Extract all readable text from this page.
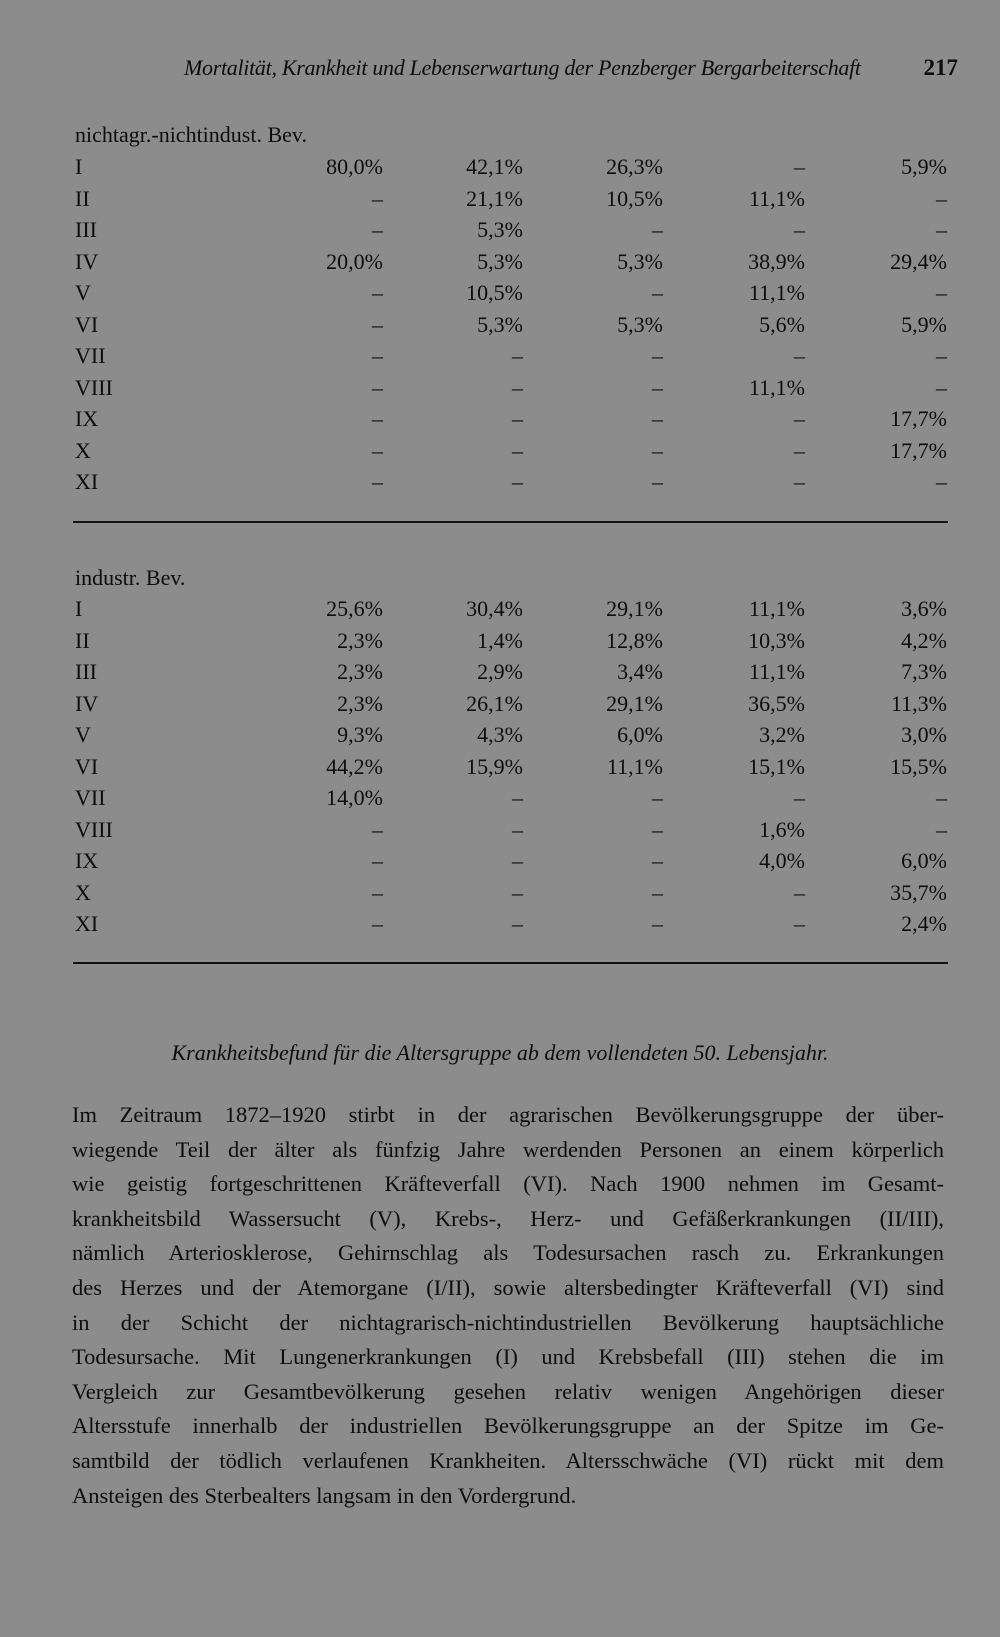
Mortalität, Krankheit und Lebenserwartung der Penzberger Bergarbeiterschaft	217
nichtagr.-nichtindust. Bev.
I	80,0%	42,1%	26,3%	–	5,9%
II	–	21,1%	10,5%	11,1%	–
III	–	5,3%	–	–	–
IV	20,0%	5,3%	5,3%	38,9%	29,4%
V	–	10,5%	–	11,1%	–
VI	–	5,3%	5,3%	5,6%	5,9%
VII	–	–	–	–	–
VIII	–	–	–	11,1%	–
IX	–	–	–	–	17,7%
X	–	–	–	–	17,7%
XI	–	–	–	–	–
industr. Bev.
I	25,6%	30,4%	29,1%	11,1%	3,6%
II	2,3%	1,4%	12,8%	10,3%	4,2%
III	2,3%	2,9%	3,4%	11,1%	7,3%
IV	2,3%	26,1%	29,1%	36,5%	11,3%
V	9,3%	4,3%	6,0%	3,2%	3,0%
VI	44,2%	15,9%	11,1%	15,1%	15,5%
VII	14,0%	–	–	–	–
VIII	–	–	–	1,6%	–
IX	–	–	–	4,0%	6,0%
X	–	–	–	–	35,7%
XI	–	–	–	–	2,4%
Krankheitsbefund für die Altersgruppe ab dem vollendeten 50. Lebensjahr.
Im Zeitraum 1872–1920 stirbt in der agrarischen Bevölkerungsgruppe der über-
wiegende Teil der älter als fünfzig Jahre werdenden Personen an einem körperlich
wie geistig fortgeschrittenen Kräfteverfall (VI). Nach 1900 nehmen im Gesamt-
krankheitsbild Wassersucht (V), Krebs-, Herz- und Gefäßerkrankungen (II/III),
nämlich Arteriosklerose, Gehirnschlag als Todesursachen rasch zu. Erkrankungen
des Herzes und der Atemorgane (I/II), sowie altersbedingter Kräfteverfall (VI) sind
in der Schicht der nichtagrarisch-nichtindustriellen Bevölkerung hauptsächliche
Todesursache. Mit Lungenerkrankungen (I) und Krebsbefall (III) stehen die im
Vergleich zur Gesamtbevölkerung gesehen relativ wenigen Angehörigen dieser
Altersstufe innerhalb der industriellen Bevölkerungsgruppe an der Spitze im Ge-
samtbild der tödlich verlaufenen Krankheiten. Altersschwäche (VI) rückt mit dem
Ansteigen des Sterbealters langsam in den Vordergrund.
